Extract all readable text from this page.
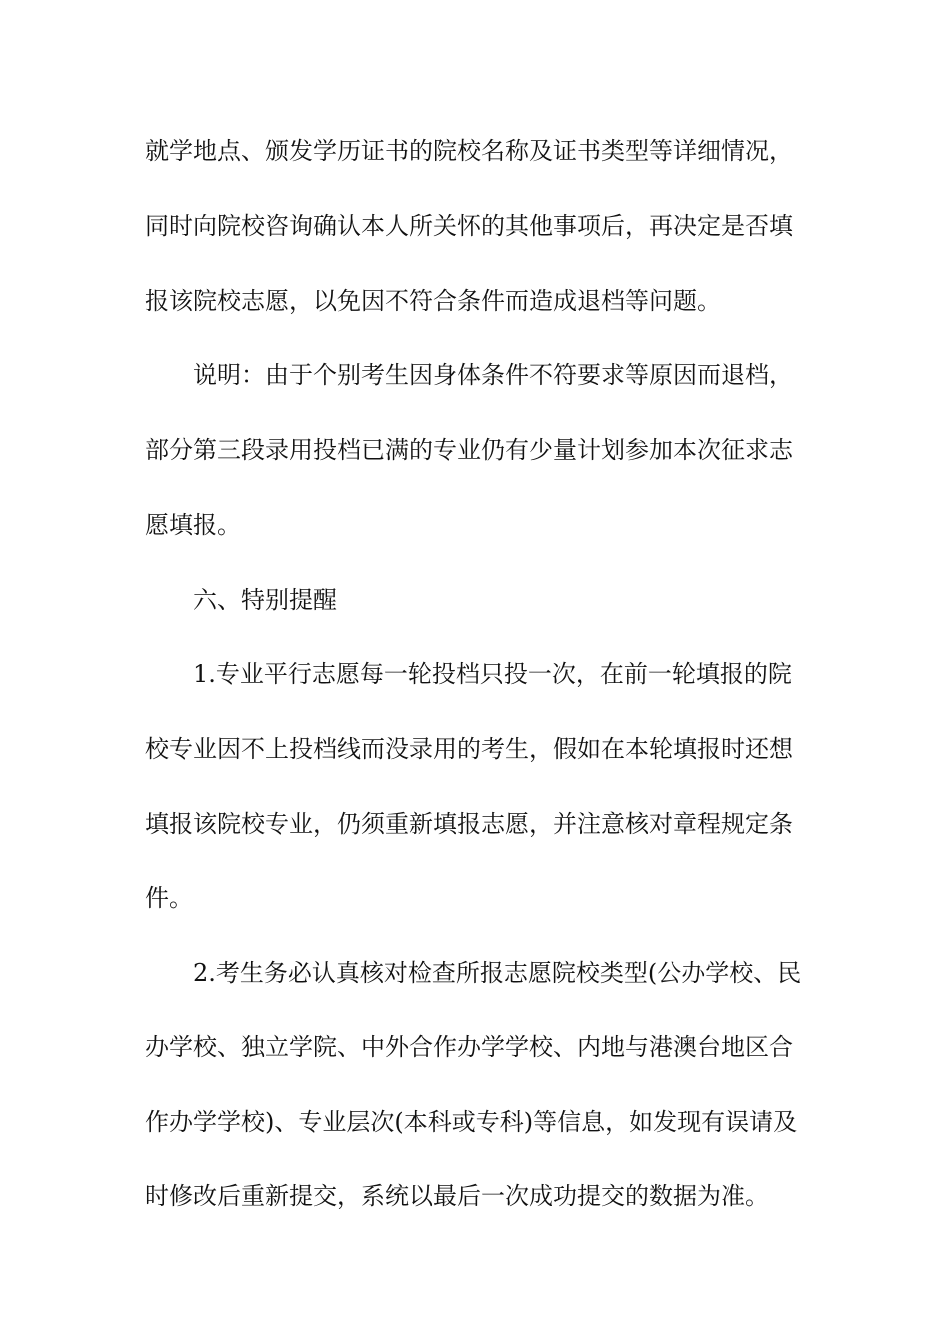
就学地点、颁发学历证书的院校名称及证书类型等详细情况，
同时向院校咨询确认本人所关怀的其他事项后，再决定是否填
报该院校志愿，以免因不符合条件而造成退档等问题。
说明：由于个别考生因身体条件不符要求等原因而退档，
部分第三段录用投档已满的专业仍有少量计划参加本次征求志
愿填报。
六、特别提醒
1.专业平行志愿每一轮投档只投一次，在前一轮填报的院
校专业因不上投档线而没录用的考生，假如在本轮填报时还想
填报该院校专业，仍须重新填报志愿，并注意核对章程规定条
件。
2.考生务必认真核对检查所报志愿院校类型(公办学校、民
办学校、独立学院、中外合作办学学校、内地与港澳台地区合
作办学学校)、专业层次(本科或专科)等信息，如发现有误请及
时修改后重新提交，系统以最后一次成功提交的数据为准。
